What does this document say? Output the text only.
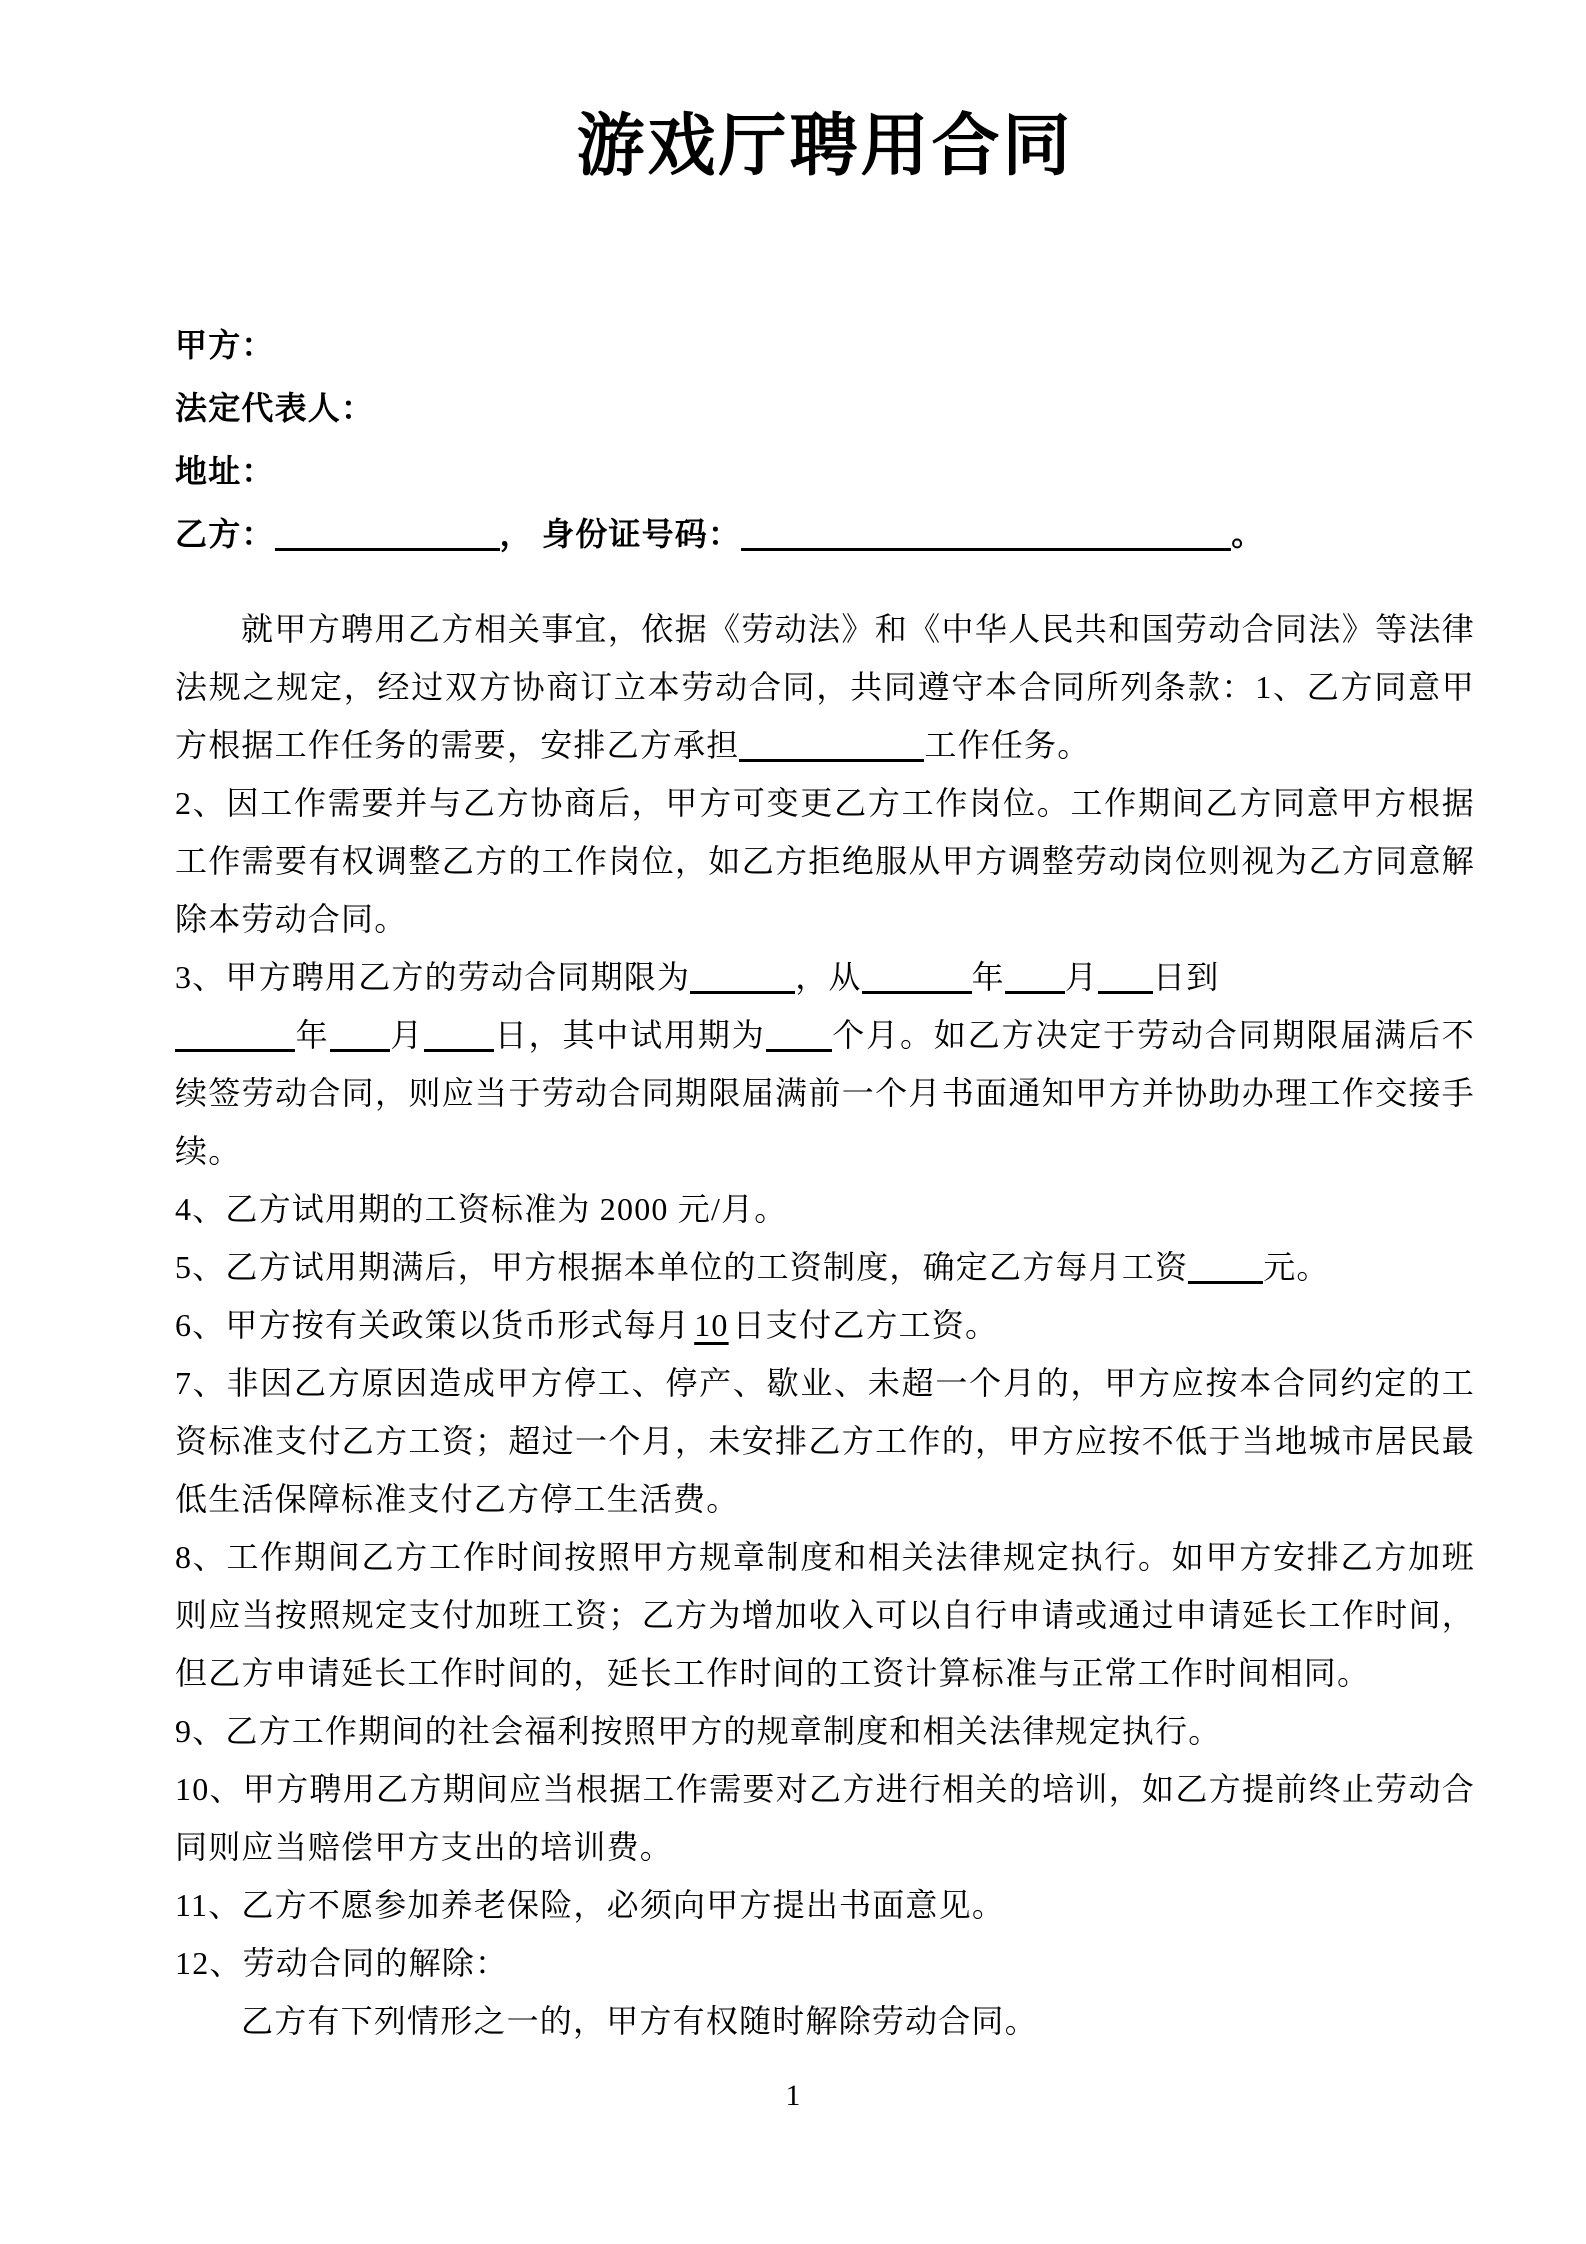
游戏厅聘用合同
甲方：
法定代表人：
地址：
乙方：	， 身份证号码：	。

就甲方聘用乙方相关事宜，依据《劳动法》和《中华人民共和国劳动合同法》等法律法规之规定，经过双方协商订立本劳动合同，共同遵守本合同所列条款：1、乙方同意甲方根据工作任务的需要，安排乙方承担	工作任务。

2、因工作需要并与乙方协商后，甲方可变更乙方工作岗位。工作期间乙方同意甲方根据工作需要有权调整乙方的工作岗位，如乙方拒绝服从甲方调整劳动岗位则视为乙方同意解除本劳动合同。

3、甲方聘用乙方的劳动合同期限为	，从	年 月 日到
年 月 日，其中试用期为 个月。如乙方决定于劳动合同期限届满后不续签劳动合同，则应当于劳动合同期限届满前一个月书面通知甲方并协助办理工作交接手续。

4、乙方试用期的工资标准为 2000 元/月。

5、乙方试用期满后，甲方根据本单位的工资制度，确定乙方每月工资 元。

6、甲方按有关政策以货币形式每月 10 日支付乙方工资。

7、非因乙方原因造成甲方停工、停产、歇业、未超一个月的，甲方应按本合同约定的工资标准支付乙方工资；超过一个月，未安排乙方工作的，甲方应按不低于当地城市居民最低生活保障标准支付乙方停工生活费。

8、工作期间乙方工作时间按照甲方规章制度和相关法律规定执行。如甲方安排乙方加班则应当按照规定支付加班工资；乙方为增加收入可以自行申请或通过申请延长工作时间，但乙方申请延长工作时间的，延长工作时间的工资计算标准与正常工作时间相同。

9、乙方工作期间的社会福利按照甲方的规章制度和相关法律规定执行。

10、甲方聘用乙方期间应当根据工作需要对乙方进行相关的培训，如乙方提前终止劳动合同则应当赔偿甲方支出的培训费。

11、乙方不愿参加养老保险，必须向甲方提出书面意见。

12、劳动合同的解除：

乙方有下列情形之一的，甲方有权随时解除劳动合同。

1
